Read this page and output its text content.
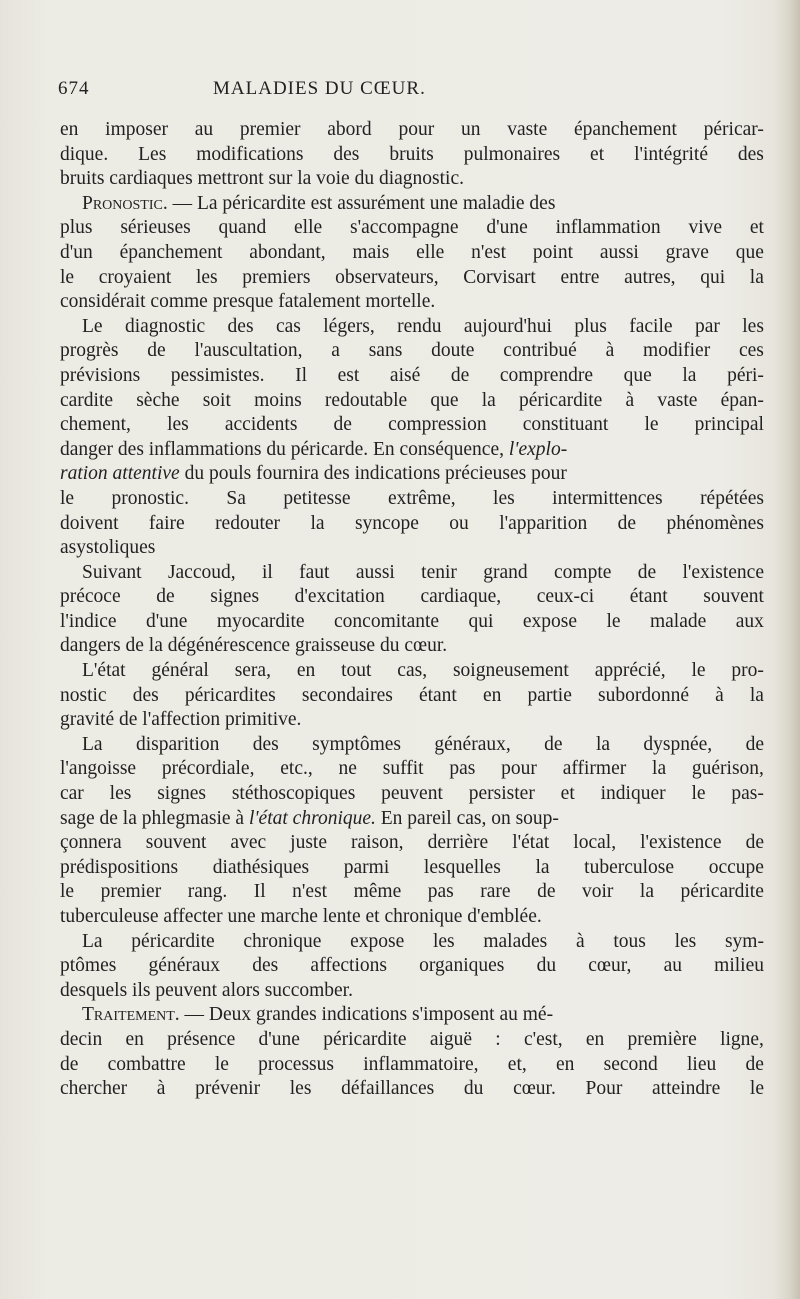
674	MALADIES DU CŒUR.
en imposer au premier abord pour un vaste épanchement péricar-
dique. Les modifications des bruits pulmonaires et l'intégrité des
bruits cardiaques mettront sur la voie du diagnostic.
Pronostic. — La péricardite est assurément une maladie des
plus sérieuses quand elle s'accompagne d'une inflammation vive et
d'un épanchement abondant, mais elle n'est point aussi grave que
le croyaient les premiers observateurs, Corvisart entre autres, qui la
considérait comme presque fatalement mortelle.
Le diagnostic des cas légers, rendu aujourd'hui plus facile par les
progrès de l'auscultation, a sans doute contribué à modifier ces
prévisions pessimistes. Il est aisé de comprendre que la péri-
cardite sèche soit moins redoutable que la péricardite à vaste épan-
chement, les accidents de compression constituant le principal
danger des inflammations du péricarde. En conséquence, l'explo-
ration attentive du pouls fournira des indications précieuses pour
le pronostic. Sa petitesse extrême, les intermittences répétées
doivent faire redouter la syncope ou l'apparition de phénomènes
asystoliques
Suivant Jaccoud, il faut aussi tenir grand compte de l'existence
précoce de signes d'excitation cardiaque, ceux-ci étant souvent
l'indice d'une myocardite concomitante qui expose le malade aux
dangers de la dégénérescence graisseuse du cœur.
L'état général sera, en tout cas, soigneusement apprécié, le pro-
nostic des péricardites secondaires étant en partie subordonné à la
gravité de l'affection primitive.
La disparition des symptômes généraux, de la dyspnée, de
l'angoisse précordiale, etc., ne suffit pas pour affirmer la guérison,
car les signes stéthoscopiques peuvent persister et indiquer le pas-
sage de la phlegmasie à l'état chronique. En pareil cas, on soup-
çonnera souvent avec juste raison, derrière l'état local, l'existence de
prédispositions diathésiques parmi lesquelles la tuberculose occupe
le premier rang. Il n'est même pas rare de voir la péricardite
tuberculeuse affecter une marche lente et chronique d'emblée.
La péricardite chronique expose les malades à tous les sym-
ptômes généraux des affections organiques du cœur, au milieu
desquels ils peuvent alors succomber.
Traitement. — Deux grandes indications s'imposent au mé-
decin en présence d'une péricardite aiguë : c'est, en première ligne,
de combattre le processus inflammatoire, et, en second lieu de
chercher à prévenir les défaillances du cœur. Pour atteindre le
